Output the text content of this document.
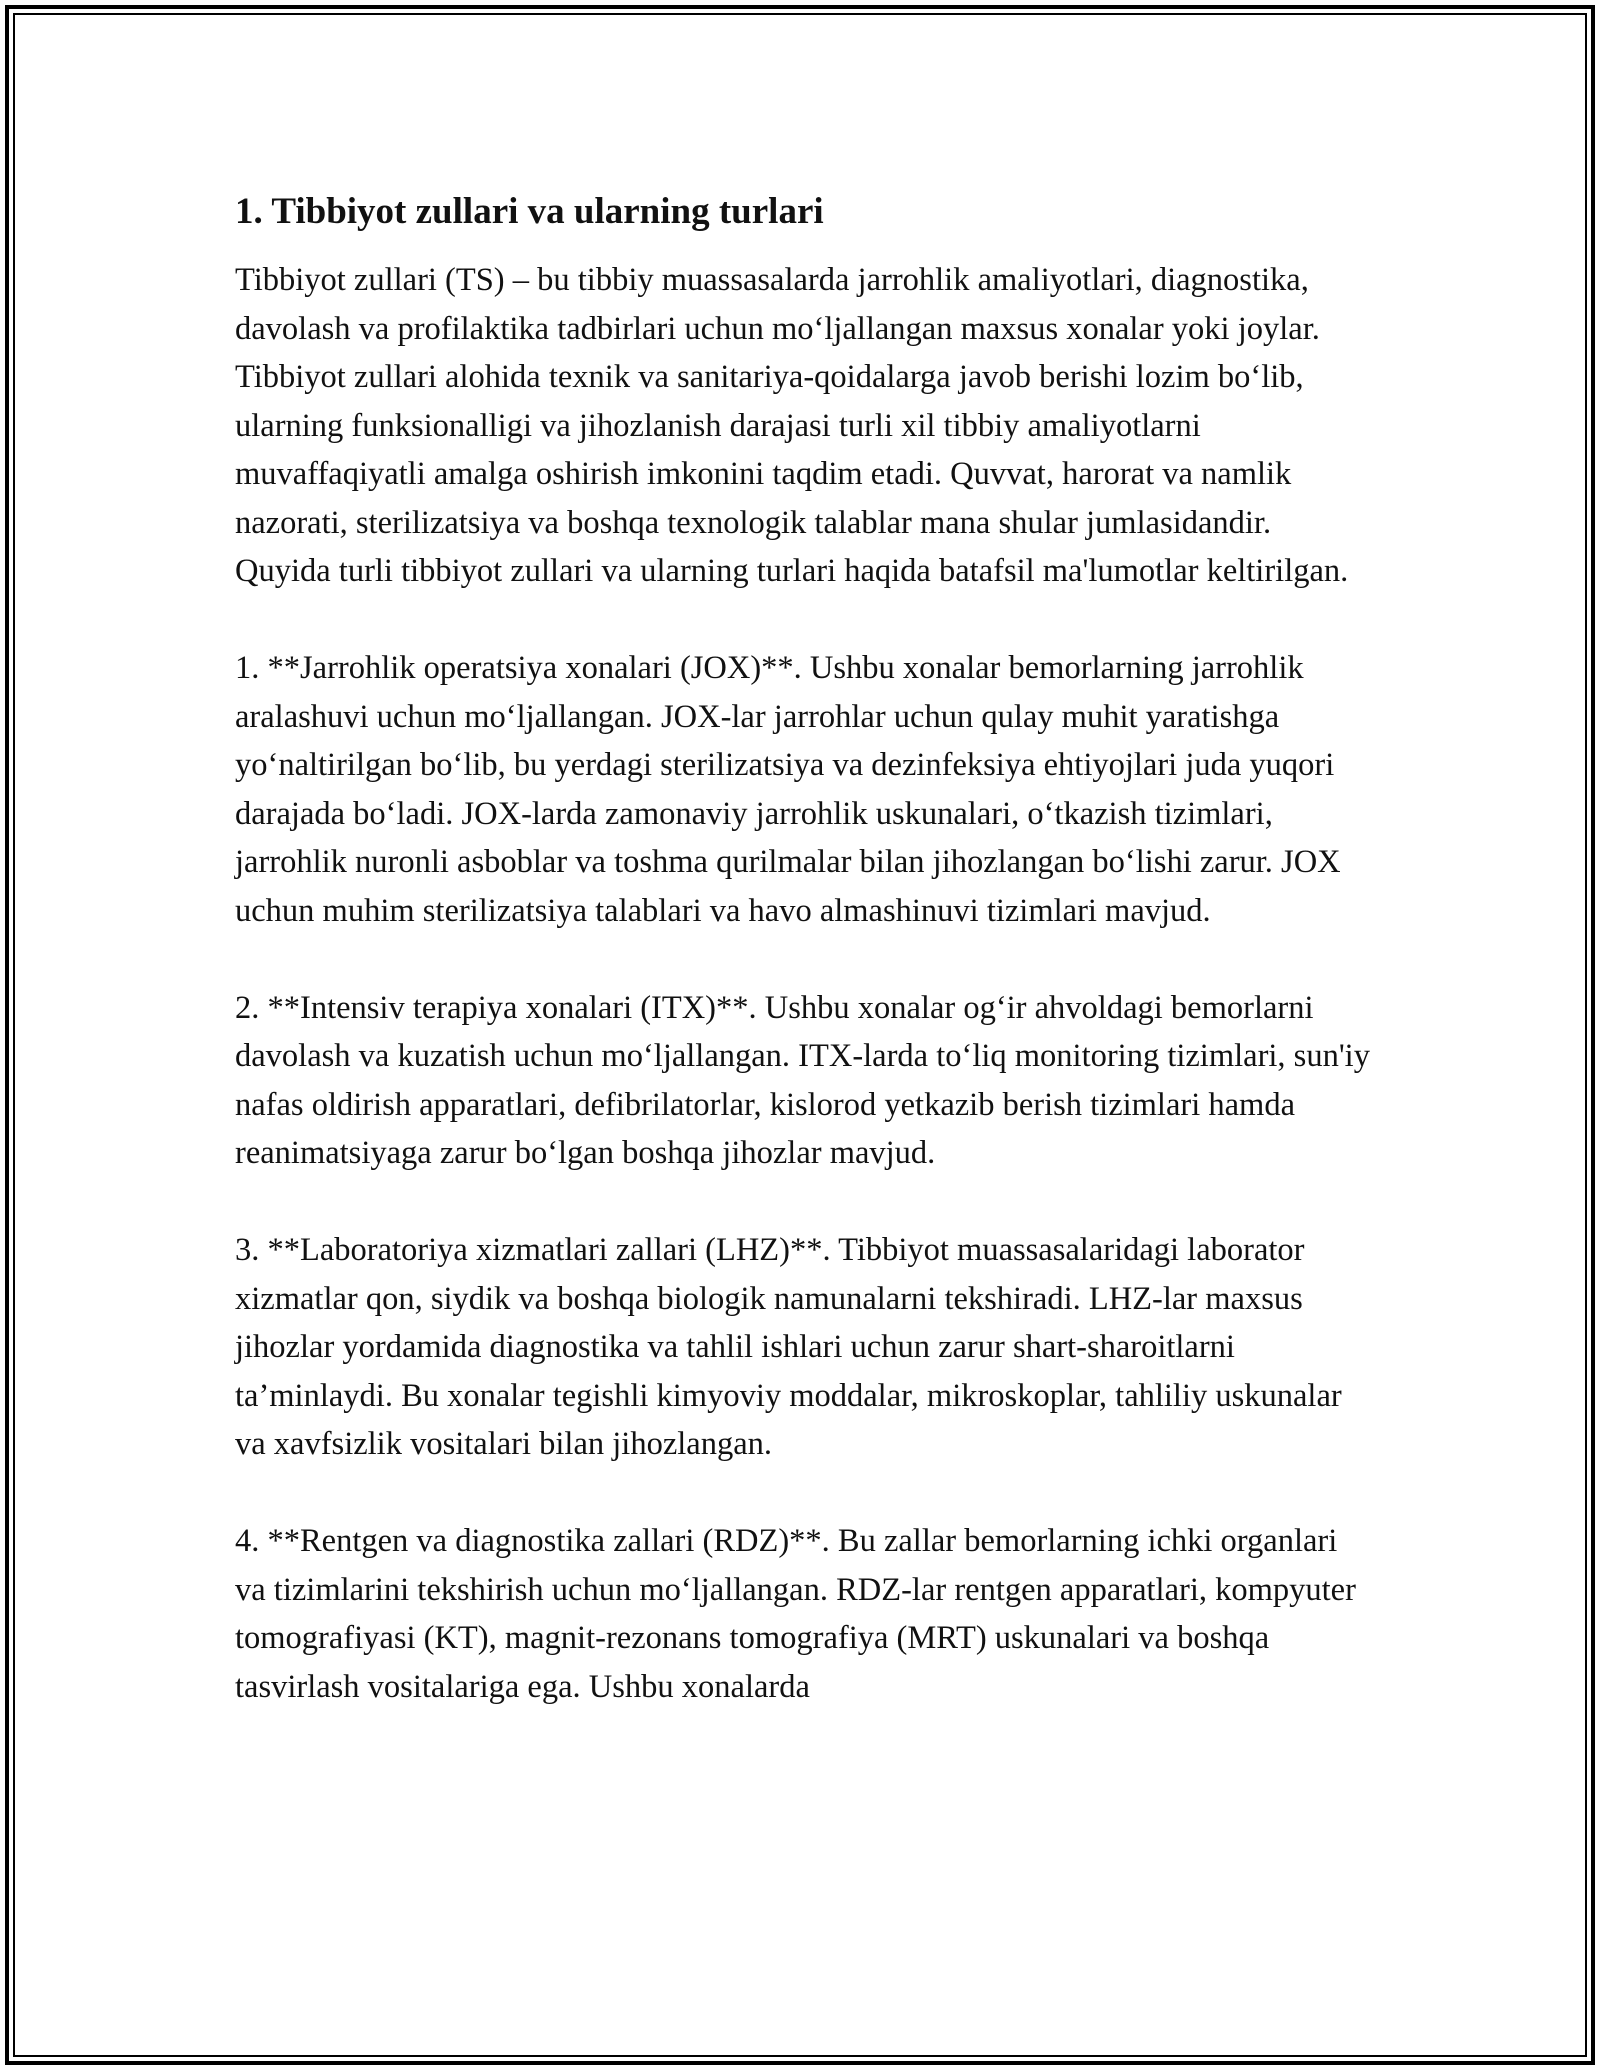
1. Tibbiyot zullari va ularning turlari

Tibbiyot zullari (TS) – bu tibbiy muassasalarda jarrohlik amaliyotlari, diagnostika, davolash va profilaktika tadbirlari uchun mo‘ljallangan maxsus xonalar yoki joylar. Tibbiyot zullari alohida texnik va sanitariya-qoidalarga javob berishi lozim bo‘lib, ularning funksionalligi va jihozlanish darajasi turli xil tibbiy amaliyotlarni muvaffaqiyatli amalga oshirish imkonini taqdim etadi. Quvvat, harorat va namlik nazorati, sterilizatsiya va boshqa texnologik talablar mana shular jumlasidandir. Quyida turli tibbiyot zullari va ularning turlari haqida batafsil ma'lumotlar keltirilgan.

1. **Jarrohlik operatsiya xonalari (JOX)**. Ushbu xonalar bemorlarning jarrohlik aralashuvi uchun mo‘ljallangan. JOX-lar jarrohlar uchun qulay muhit yaratishga yo‘naltirilgan bo‘lib, bu yerdagi sterilizatsiya va dezinfeksiya ehtiyojlari juda yuqori darajada bo‘ladi. JOX-larda zamonaviy jarrohlik uskunalari, o‘tkazish tizimlari, jarrohlik nuronli asboblar va toshma qurilmalar bilan jihozlangan bo‘lishi zarur. JOX uchun muhim sterilizatsiya talablari va havo almashinuvi tizimlari mavjud.

2. **Intensiv terapiya xonalari (ITX)**. Ushbu xonalar og‘ir ahvoldagi bemorlarni davolash va kuzatish uchun mo‘ljallangan. ITX-larda to‘liq monitoring tizimlari, sun'iy nafas oldirish apparatlari, defibrilatorlar, kislorod yetkazib berish tizimlari hamda reanimatsiyaga zarur bo‘lgan boshqa jihozlar mavjud.

3. **Laboratoriya xizmatlari zallari (LHZ)**. Tibbiyot muassasalaridagi laborator xizmatlar qon, siydik va boshqa biologik namunalarni tekshiradi. LHZ-lar maxsus jihozlar yordamida diagnostika va tahlil ishlari uchun zarur shart-sharoitlarni ta’minlaydi. Bu xonalar tegishli kimyoviy moddalar, mikroskoplar, tahliliy uskunalar va xavfsizlik vositalari bilan jihozlangan.

4. **Rentgen va diagnostika zallari (RDZ)**. Bu zallar bemorlarning ichki organlari va tizimlarini tekshirish uchun mo‘ljallangan. RDZ-lar rentgen apparatlari, kompyuter tomografiyasi (KT), magnit-rezonans tomografiya (MRT) uskunalari va boshqa tasvirlash vositalariga ega. Ushbu xonalarda
